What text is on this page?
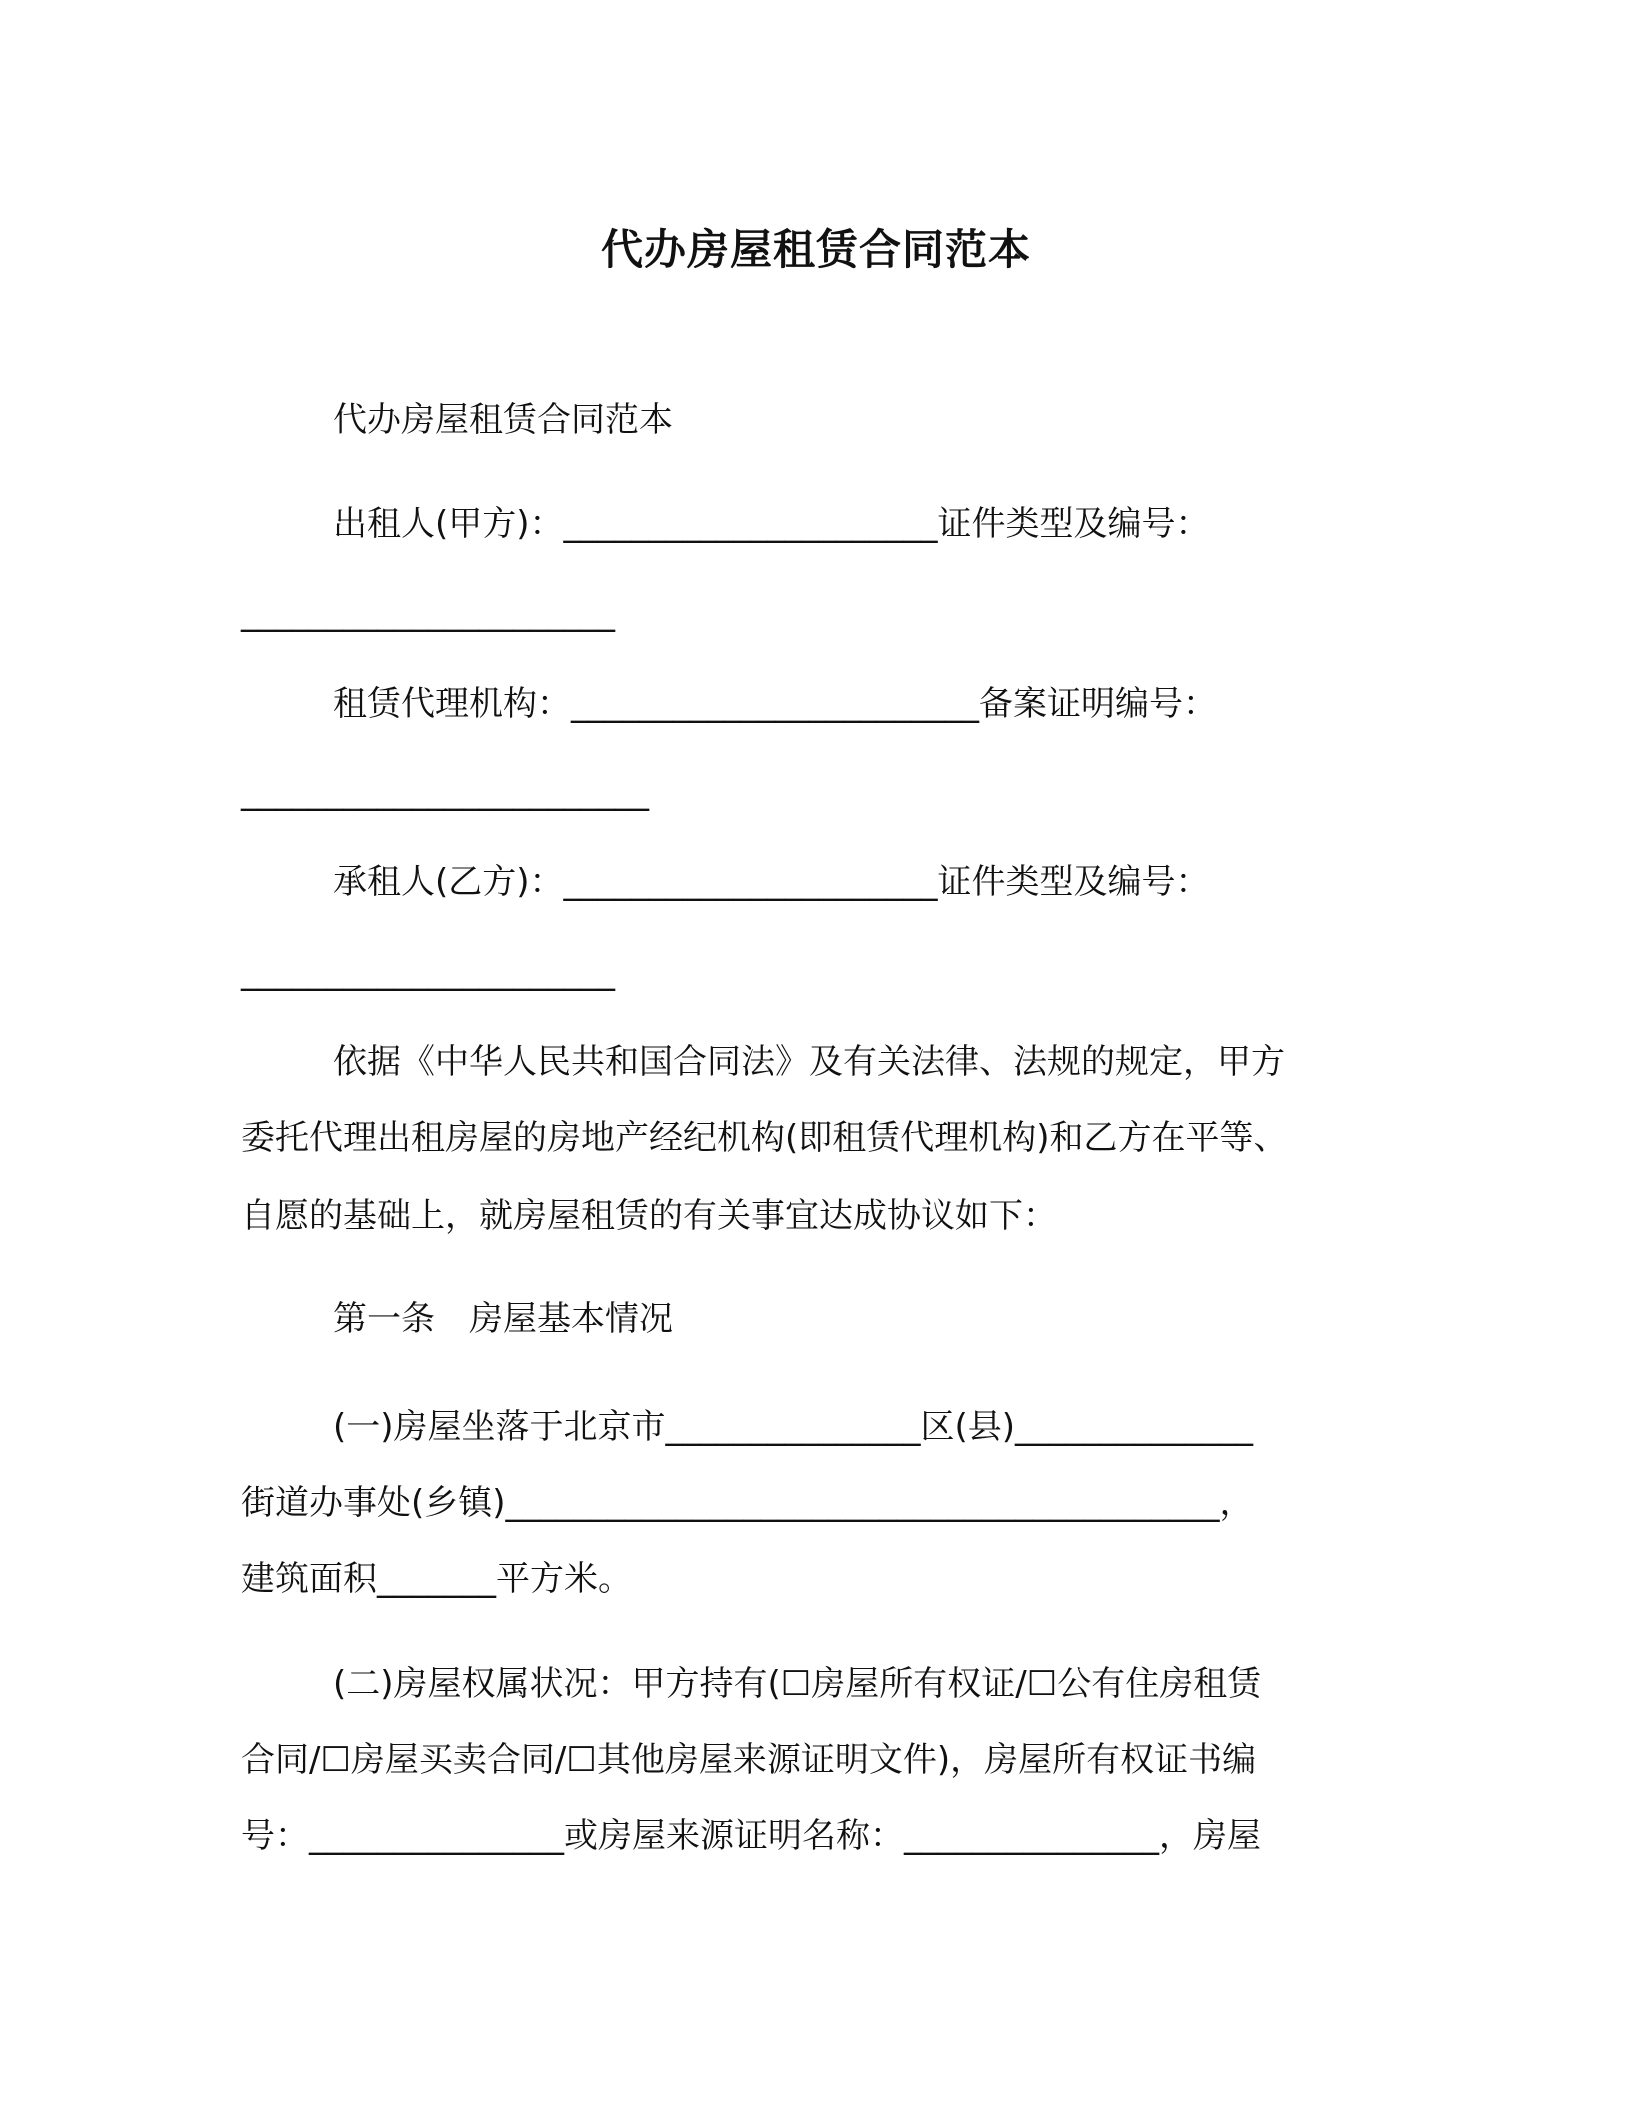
代办房屋租赁合同范本

代办房屋租赁合同范本

出租人(甲方)：______________________证件类型及编号：

______________________

租赁代理机构：________________________备案证明编号：

________________________

承租人(乙方)：______________________证件类型及编号：

______________________

依据《中华人民共和国合同法》及有关法律、法规的规定，甲方

委托代理出租房屋的房地产经纪机构(即租赁代理机构)和乙方在平等、

自愿的基础上，就房屋租赁的有关事宜达成协议如下：

第一条　房屋基本情况

(一)房屋坐落于北京市_______________区(县)______________

街道办事处(乡镇)__________________________________________，

建筑面积_______平方米。

(二)房屋权属状况：甲方持有(☐房屋所有权证/☐公有住房租赁

合同/☐房屋买卖合同/☐其他房屋来源证明文件)，房屋所有权证书编

号：_______________或房屋来源证明名称：_______________，房屋
